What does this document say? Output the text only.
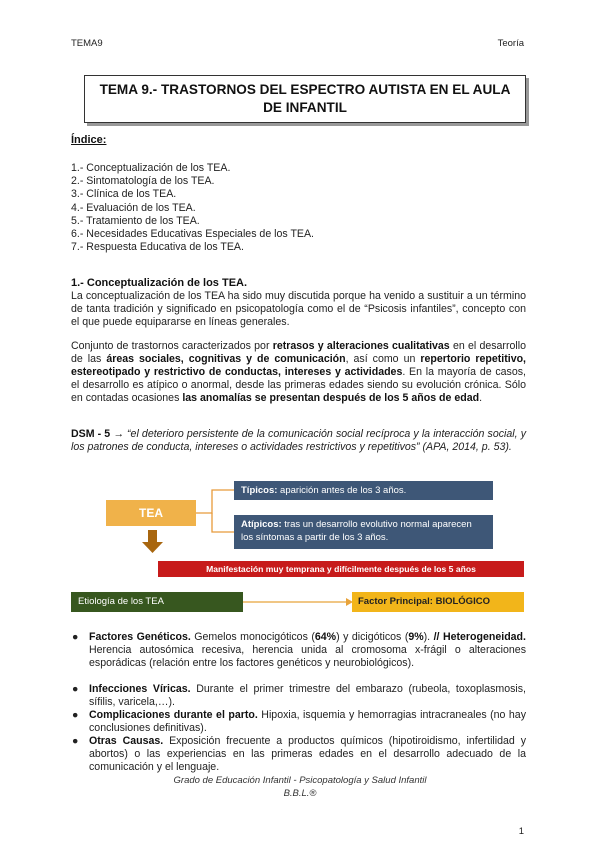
TEMA9	Teoría
TEMA 9.- TRASTORNOS DEL ESPECTRO AUTISTA EN EL AULA
DE INFANTIL
Índice:
1.- Conceptualización de los TEA.
2.- Sintomatología de los TEA.
3.- Clínica de los TEA.
4.- Evaluación de los TEA.
5.- Tratamiento de los TEA.
6.- Necesidades Educativas Especiales de los TEA.
7.- Respuesta Educativa de los TEA.
1.- Conceptualización de los TEA.
La conceptualización de los TEA ha sido muy discutida porque ha venido a sustituir a un término de tanta tradición y significado en psicopatología como el de “Psicosis infantiles”, concepto con el que puede equipararse en líneas generales.
Conjunto de trastornos caracterizados por retrasos y alteraciones cualitativas en el desarrollo de las áreas sociales, cognitivas y de comunicación, así como un repertorio repetitivo, estereotipado y restrictivo de conductas, intereses y actividades. En la mayoría de casos, el desarrollo es atípico o anormal, desde las primeras edades siendo su evolución crónica. Sólo en contadas ocasiones las anomalías se presentan después de los 5 años de edad.
DSM - 5 → “el deterioro persistente de la comunicación social recíproca y la interacción social, y los patrones de conducta, intereses o actividades restrictivos y repetitivos” (APA, 2014, p. 53).
TEA
Típicos: aparición antes de los 3 años.
Atípicos: tras un desarrollo evolutivo normal aparecen los síntomas a partir de los 3 años.
Manifestación muy temprana y difícilmente después de los 5 años
Etiología de los TEA	Factor Principal: BIOLÓGICO
● Factores Genéticos. Gemelos monocigóticos (64%) y dicigóticos (9%). // Heterogeneidad. Herencia autosómica recesiva, herencia unida al cromosoma x-frágil o alteraciones esporádicas (relación entre los factores genéticos y neurobiológicos).
● Infecciones Víricas. Durante el primer trimestre del embarazo (rubeola, toxoplasmosis, sífilis, varicela,…).
● Complicaciones durante el parto. Hipoxia, isquemia y hemorragias intracraneales (no hay conclusiones definitivas).
● Otras Causas. Exposición frecuente a productos químicos (hipotiroidismo, infertilidad y abortos) o las experiencias en las primeras edades en el desarrollo adecuado de la comunicación y el lenguaje.
Grado de Educación Infantil - Psicopatología y Salud Infantil
B.B.L.®
1
